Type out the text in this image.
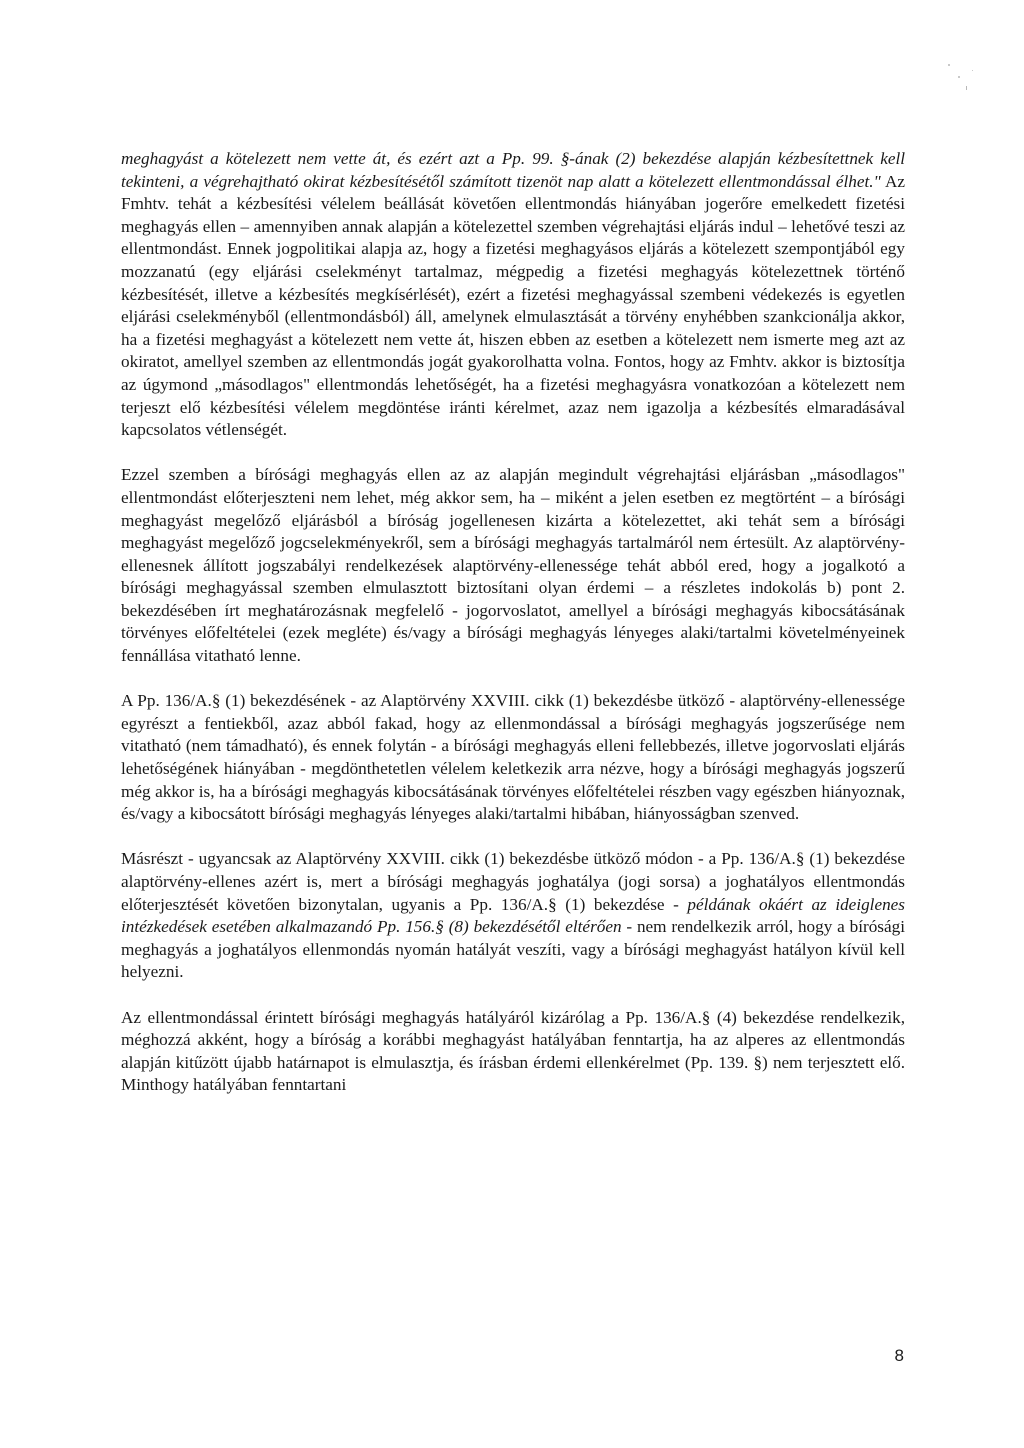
meghagyást a kötelezett nem vette át, és ezért azt a Pp. 99. §-ának (2) bekezdése alapján kézbesítettnek kell tekinteni, a végrehajtható okirat kézbesítésétől számított tizenöt nap alatt a kötelezett ellentmondással élhet." Az Fmhtv. tehát a kézbesítési vélelem beállását követően ellentmondás hiányában jogerőre emelkedett fizetési meghagyás ellen – amennyiben annak alapján a kötelezettel szemben végrehajtási eljárás indul – lehetővé teszi az ellentmondást. Ennek jogpolitikai alapja az, hogy a fizetési meghagyásos eljárás a kötelezett szempontjából egy mozzanatú (egy eljárási cselekményt tartalmaz, mégpedig a fizetési meghagyás kötelezettnek történő kézbesítését, illetve a kézbesítés megkísérlését), ezért a fizetési meghagyással szembeni védekezés is egyetlen eljárási cselekményből (ellentmondásból) áll, amelynek elmulasztását a törvény enyhébben szankcionálja akkor, ha a fizetési meghagyást a kötelezett nem vette át, hiszen ebben az esetben a kötelezett nem ismerte meg azt az okiratot, amellyel szemben az ellentmondás jogát gyakorolhatta volna. Fontos, hogy az Fmhtv. akkor is biztosítja az úgymond „másodlagos" ellentmondás lehetőségét, ha a fizetési meghagyásra vonatkozóan a kötelezett nem terjeszt elő kézbesítési vélelem megdöntése iránti kérelmet, azaz nem igazolja a kézbesítés elmaradásával kapcsolatos vétlenségét.

Ezzel szemben a bírósági meghagyás ellen az az alapján megindult végrehajtási eljárásban „másodlagos" ellentmondást előterjeszteni nem lehet, még akkor sem, ha – miként a jelen esetben ez megtörtént – a bírósági meghagyást megelőző eljárásból a bíróság jogellenesen kizárta a kötelezettet, aki tehát sem a bírósági meghagyást megelőző jogcselekményekről, sem a bírósági meghagyás tartalmáról nem értesült. Az alaptörvény-ellenesnek állított jogszabályi rendelkezések alaptörvény-ellenessége tehát abból ered, hogy a jogalkotó a bírósági meghagyással szemben elmulasztott biztosítani olyan érdemi – a részletes indokolás b) pont 2. bekezdésében írt meghatározásnak megfelelő - jogorvoslatot, amellyel a bírósági meghagyás kibocsátásának törvényes előfeltételei (ezek megléte) és/vagy a bírósági meghagyás lényeges alaki/tartalmi követelményeinek fennállása vitatható lenne.

A Pp. 136/A.§ (1) bekezdésének - az Alaptörvény XXVIII. cikk (1) bekezdésbe ütköző - alaptörvény-ellenessége egyrészt a fentiekből, azaz abból fakad, hogy az ellenmondással a bírósági meghagyás jogszerűsége nem vitatható (nem támadható), és ennek folytán - a bírósági meghagyás elleni fellebbezés, illetve jogorvoslati eljárás lehetőségének hiányában - megdönthetetlen vélelem keletkezik arra nézve, hogy a bírósági meghagyás jogszerű még akkor is, ha a bírósági meghagyás kibocsátásának törvényes előfeltételei részben vagy egészben hiányoznak, és/vagy a kibocsátott bírósági meghagyás lényeges alaki/tartalmi hibában, hiányosságban szenved.

Másrészt - ugyancsak az Alaptörvény XXVIII. cikk (1) bekezdésbe ütköző módon - a Pp. 136/A.§ (1) bekezdése alaptörvény-ellenes azért is, mert a bírósági meghagyás joghatálya (jogi sorsa) a joghatályos ellentmondás előterjesztését követően bizonytalan, ugyanis a Pp. 136/A.§ (1) bekezdése - példának okáért az ideiglenes intézkedések esetében alkalmazandó Pp. 156.§ (8) bekezdésétől eltérően - nem rendelkezik arról, hogy a bírósági meghagyás a joghatályos ellenmondás nyomán hatályát veszíti, vagy a bírósági meghagyást hatályon kívül kell helyezni.

Az ellentmondással érintett bírósági meghagyás hatályáról kizárólag a Pp. 136/A.§ (4) bekezdése rendelkezik, méghozzá akként, hogy a bíróság a korábbi meghagyást hatályában fenntartja, ha az alperes az ellentmondás alapján kitűzött újabb határnapot is elmulasztja, és írásban érdemi ellenkérelmet (Pp. 139. §) nem terjesztett elő. Minthogy hatályában fenntartani

8
